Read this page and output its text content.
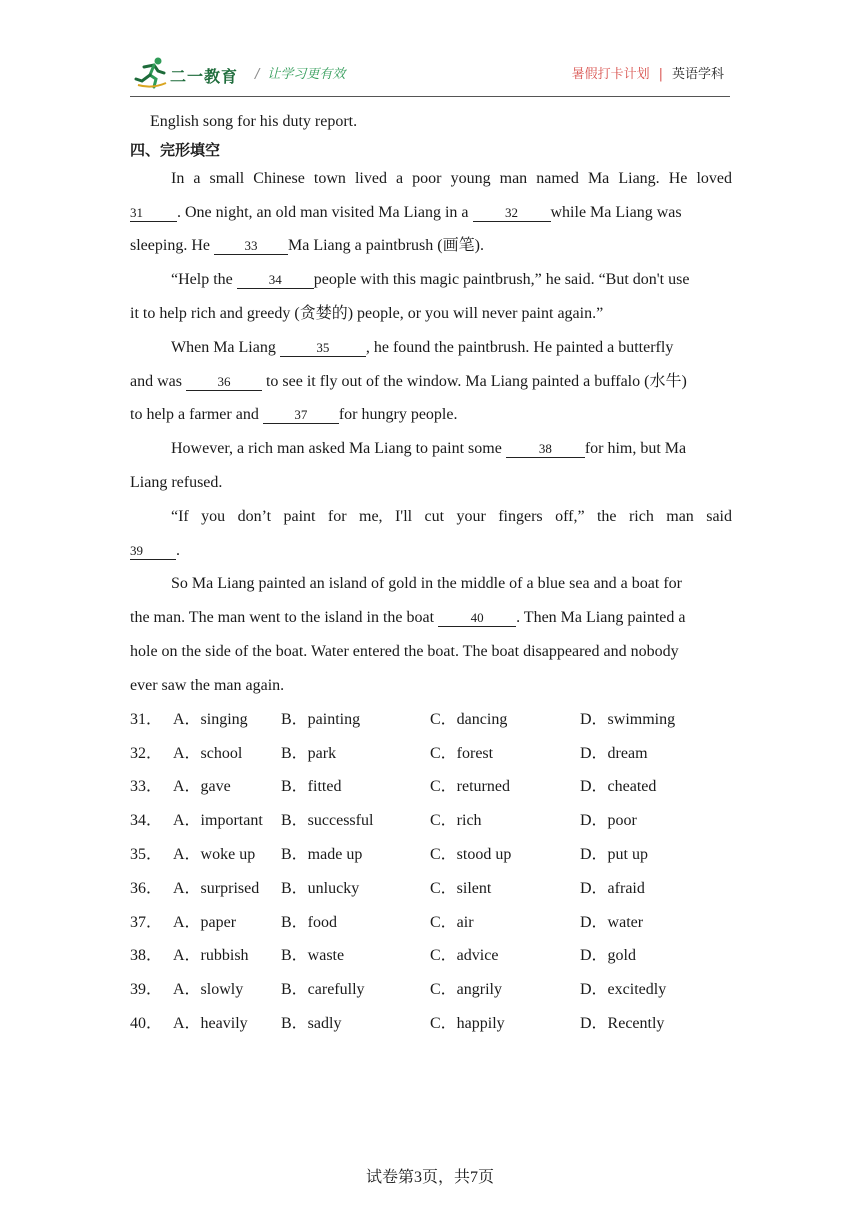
二一教育 / 让学习更有效	暑假打卡计划 | 英语学科
English song for his duty report.
四、完形填空
In a small Chinese town lived a poor young man named Ma Liang. He loved
31 . One night, an old man visited Ma Liang in a	32 while Ma Liang was
sleeping. He 33 Ma Liang a paintbrush (画笔).
“Help the 34 people with this magic paintbrush,” he said. “But don't use
it to help rich and greedy (贪婪的) people, or you will never paint again.”
When Ma Liang	35 , he found the paintbrush. He painted a butterfly
and was 36 to see it fly out of the window. Ma Liang painted a buffalo (水牛)
to help a farmer and 37 for hungry people.
However, a rich man asked Ma Liang to paint some	38 for him, but Ma
Liang refused.
“If you don’t paint for me, I'll cut your fingers off,” the rich man said
39 .
So Ma Liang painted an island of gold in the middle of a blue sea and a boat for
the man. The man went to the island in the boat	40 . Then Ma Liang painted a
hole on the side of the boat. Water entered the boat. The boat disappeared and nobody
ever saw the man again.
31． A．singing B．painting	C．dancing	D．swimming
32． A．school B．park	C．forest	D．dream
33． A．gave	B．fitted	C．returned	D．cheated
34． A．important B．successful	C．rich	D．poor
35． A．woke up B．made up	C．stood up	D．put up
36． A．surprised B．unlucky	C．silent	D．afraid
37． A．paper	B．food	C．air	D．water
38． A．rubbish B．waste	C．advice	D．gold
39． A．slowly B．carefully	C．angrily	D．excitedly
40． A．heavily B．sadly	C．happily	D．Recently
试卷第3页，共7页
